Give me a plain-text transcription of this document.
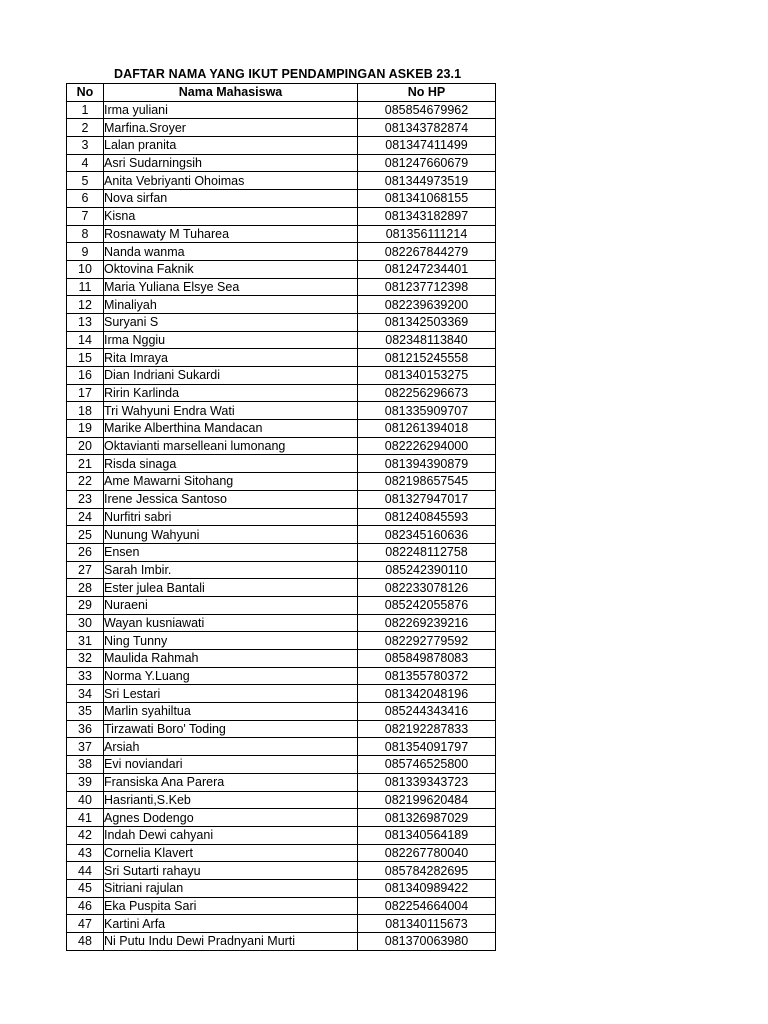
DAFTAR NAMA YANG IKUT PENDAMPINGAN ASKEB 23.1
No	Nama Mahasiswa	No HP
1	Irma yuliani	085854679962
2	Marfina.Sroyer	081343782874
3	Lalan pranita	081347411499
4	Asri Sudarningsih	081247660679
5	Anita Vebriyanti Ohoimas	081344973519
6	Nova sirfan	081341068155
7	Kisna	081343182897
8	Rosnawaty M Tuharea	081356111214
9	Nanda wanma	082267844279
10	Oktovina Faknik	081247234401
11	Maria Yuliana Elsye Sea	081237712398
12	Minaliyah	082239639200
13	Suryani S	081342503369
14	Irma Nggiu	082348113840
15	Rita Imraya	081215245558
16	Dian Indriani Sukardi	081340153275
17	Ririn Karlinda	082256296673
18	Tri Wahyuni Endra Wati	081335909707
19	Marike Alberthina Mandacan	081261394018
20	Oktavianti marselleani lumonang	082226294000
21	Risda sinaga	081394390879
22	Ame Mawarni Sitohang	082198657545
23	Irene Jessica Santoso	081327947017
24	Nurfitri sabri	081240845593
25	Nunung Wahyuni	082345160636
26	Ensen	082248112758
27	Sarah Imbir.	085242390110
28	Ester julea Bantali	082233078126
29	Nuraeni	085242055876
30	Wayan kusniawati	082269239216
31	Ning Tunny	082292779592
32	Maulida Rahmah	085849878083
33	Norma Y.Luang	081355780372
34	Sri Lestari	081342048196
35	Marlin syahiltua	085244343416
36	Tirzawati Boro' Toding	082192287833
37	Arsiah	081354091797
38	Evi noviandari	085746525800
39	Fransiska Ana Parera	081339343723
40	Hasrianti,S.Keb	082199620484
41	Agnes Dodengo	081326987029
42	Indah Dewi cahyani	081340564189
43	Cornelia Klavert	082267780040
44	Sri Sutarti rahayu	085784282695
45	Sitriani rajulan	081340989422
46	Eka Puspita Sari	082254664004
47	Kartini Arfa	081340115673
48	Ni Putu Indu Dewi Pradnyani Murti	081370063980
